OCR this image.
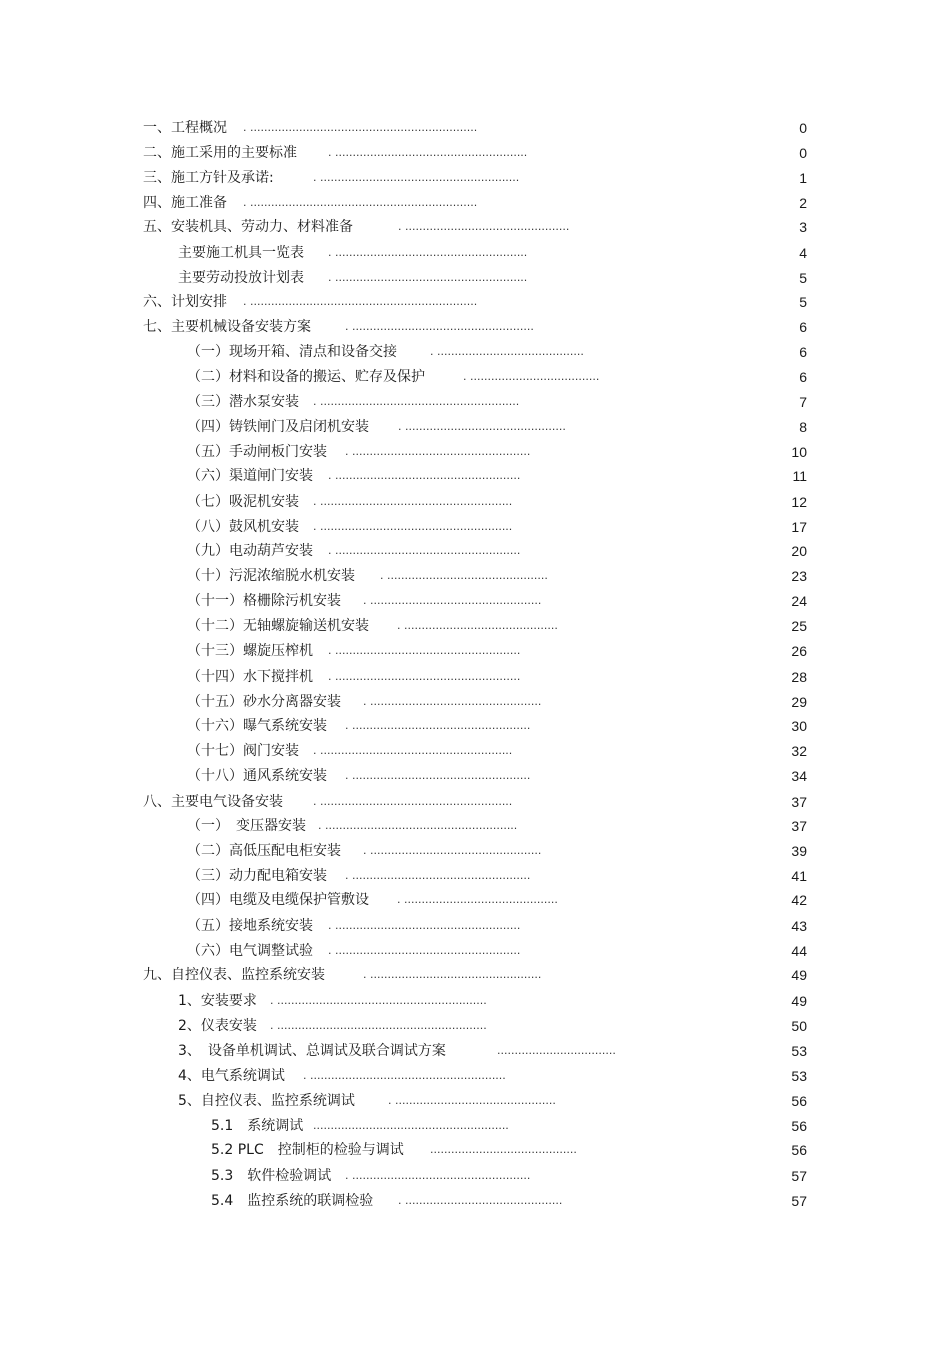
一、工程概况 . .................................................................	0
二、施工采用的主要标准	. .......................................................	0
三、施工方针及承诺:	. .........................................................	1
四、施工准备 . .................................................................	2
五、安装机具、劳动力、材料准备	. ...............................................	3
主要施工机具一览表 . .......................................................	4
主要劳动投放计划表 . .......................................................	5
六、计划安排 . .................................................................	5
七、主要机械设备安装方案	. ....................................................	6
（一）现场开箱、清点和设备交接	. ..........................................	6
（二）材料和设备的搬运、贮存及保护	. .....................................	6
（三）潜水泵安装 . .........................................................	7
（四）铸铁闸门及启闭机安装	. ..............................................	8
（五）手动闸板门安装 . ...................................................	10
（六）渠道闸门安装 . .....................................................	11
（七）吸泥机安装 . .......................................................	12
（八）鼓风机安装 . .......................................................	17
（九）电动葫芦安装 . .....................................................	20
（十）污泥浓缩脱水机安装 . ..............................................	23
（十一）格栅除污机安装 . .................................................	24
（十二）无轴螺旋输送机安装	. ............................................	25
（十三）螺旋压榨机 . .....................................................	26
（十四）水下搅拌机 . .....................................................	28
（十五）砂水分离器安装 . .................................................	29
（十六）曝气系统安装 . ...................................................	30
（十七）阀门安装 . .......................................................	32
（十八）通风系统安装 . ...................................................	34
八、主要电气设备安装	. .......................................................	37
（一）　变压器安装 . .......................................................	37
（二）高低压配电柜安装 . .................................................	39
（三）动力配电箱安装 . ...................................................	41
（四）电缆及电缆保护管敷设	. ............................................	42
（五）接地系统安装 . .....................................................	43
（六）电气调整试验 . .....................................................	44
九、自控仪表、监控系统安装	. .................................................	49
1、安装要求 . ............................................................	49
2、仪表安装 . ............................................................	50
3、　设备单机调试、总调试及联合调试方案	..................................	53
4、电气系统调试 . ........................................................	53
5、自控仪表、监控系统调试	. ..............................................	56
5.1　系统调试 ........................................................	56
5.2 PLC　控制柜的检验与调试 ..........................................	56
5.3　软件检验调试 . ...................................................	57
5.4　监控系统的联调检验 . .............................................	57
